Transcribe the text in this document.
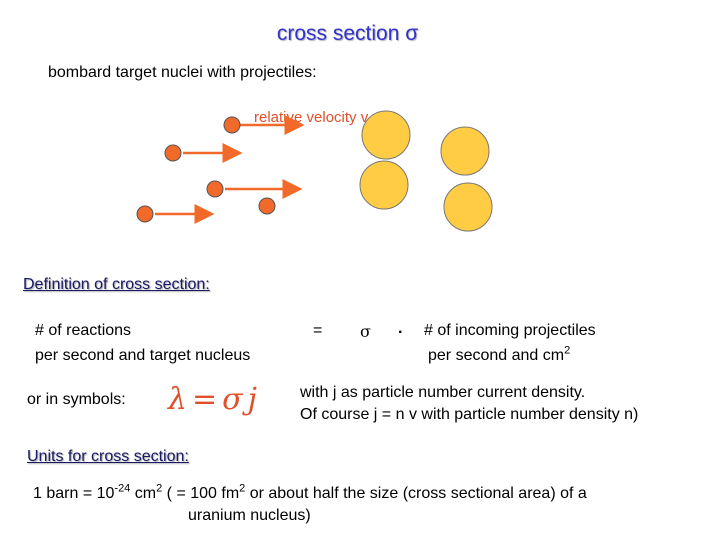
cross section σ
bombard target nuclei with projectiles:
relative velocity v
Definition of cross section:
# of reactions
per second and target nucleus
= σ . # of incoming projectiles
per second and $cm^2$
or in symbols: λ = σ j	with j as particle number current density.
Of course j = n v with particle number density n)
Units for cross section:
1 barn = $10^{-24}$ $cm^2$ ( = 100 $fm^2$ or about half the size (cross sectional area) of a
uranium nucleus)
